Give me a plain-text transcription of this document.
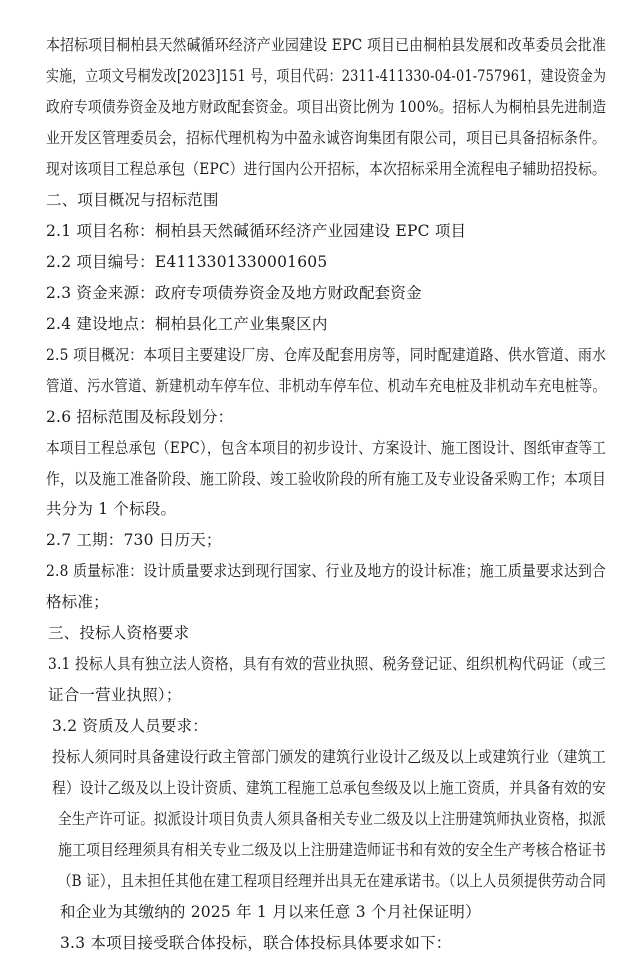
本招标项目桐柏县天然碱循环经济产业园建设 EPC 项目已由桐柏县发展和改革委员会批准
实施，立项文号桐发改[2023]151 号，项目代码：2311-411330-04-01-757961，建设资金为
政府专项债券资金及地方财政配套资金。项目出资比例为 100%。招标人为桐柏县先进制造
业开发区管理委员会，招标代理机构为中盈永诚咨询集团有限公司，项目已具备招标条件。
现对该项目工程总承包（EPC）进行国内公开招标，本次招标采用全流程电子辅助招投标。
二、项目概况与招标范围
2.1 项目名称：桐柏县天然碱循环经济产业园建设 EPC 项目
2.2 项目编号：E4113301330001605
2.3 资金来源：政府专项债券资金及地方财政配套资金
2.4 建设地点：桐柏县化工产业集聚区内
2.5 项目概况：本项目主要建设厂房、仓库及配套用房等，同时配建道路、供水管道、雨水
管道、污水管道、新建机动车停车位、非机动车停车位、机动车充电桩及非机动车充电桩等。
2.6 招标范围及标段划分：
本项目工程总承包（EPC），包含本项目的初步设计、方案设计、施工图设计、图纸审查等工
作，以及施工准备阶段、施工阶段、竣工验收阶段的所有施工及专业设备采购工作；本项目
共分为 1 个标段。
2.7 工期：730 日历天；
2.8 质量标准：设计质量要求达到现行国家、行业及地方的设计标准；施工质量要求达到合
格标准；
三、投标人资格要求
3.1 投标人具有独立法人资格，具有有效的营业执照、税务登记证、组织机构代码证（或三
证合一营业执照）；
3.2 资质及人员要求：
投标人须同时具备建设行政主管部门颁发的建筑行业设计乙级及以上或建筑行业（建筑工
程）设计乙级及以上设计资质、建筑工程施工总承包叁级及以上施工资质，并具备有效的安
全生产许可证。拟派设计项目负责人须具备相关专业二级及以上注册建筑师执业资格，拟派
施工项目经理须具有相关专业二级及以上注册建造师证书和有效的安全生产考核合格证书
（B 证），且未担任其他在建工程项目经理并出具无在建承诺书。（以上人员须提供劳动合同
和企业为其缴纳的 2025 年 1 月以来任意 3 个月社保证明）
3.3 本项目接受联合体投标，联合体投标具体要求如下：
